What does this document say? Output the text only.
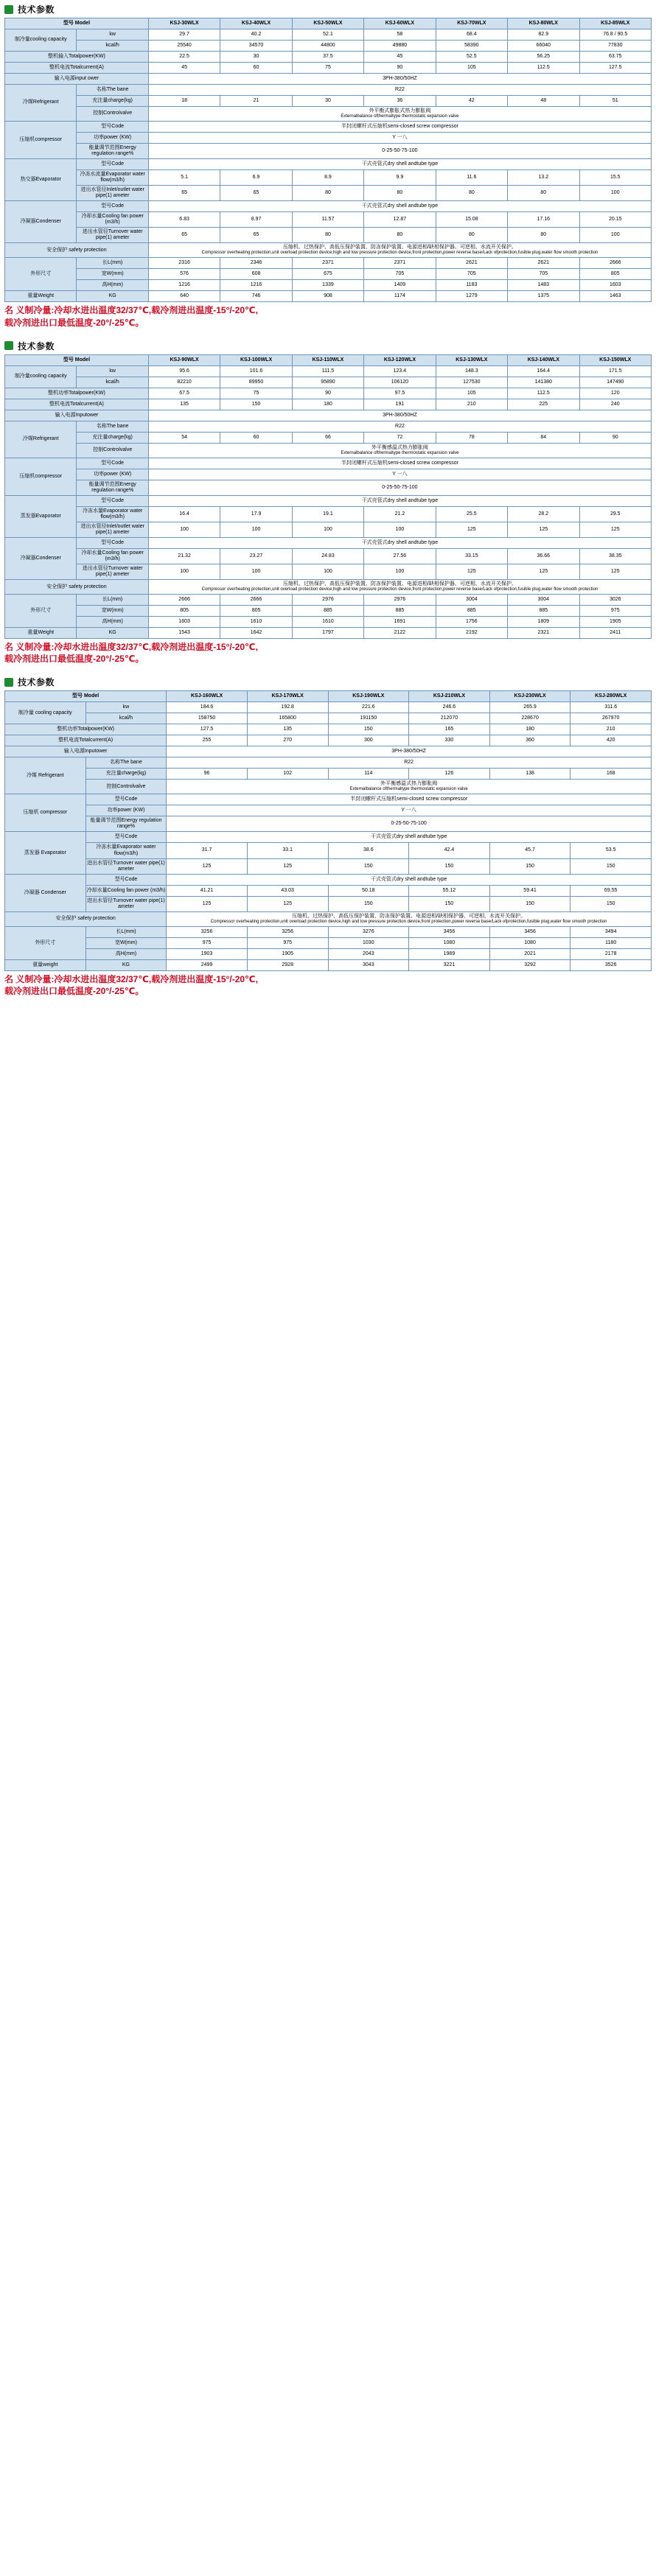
技术参数
型号 Model		KSJ-30WLX	KSJ-40WLX	KSJ-50WLX	KSJ-60WLX	KSJ-70WLX	KSJ-80WLX	KSJ-85WLX
制冷量cooling capacity	kw	29.7	40.2	52.1	58	68.4	82.9	76.8 / 90.5
	kcal/h	25540	34570	44800	49880	58390	66040	77830
整机输入Totalpower(KW)		22.5	30	37.5	45	52.5	56.25	63.75
整机电流Totalcurrent(A)		45	60	75	90	105	112.5	127.5
输入电源input ower		3PH-380/50HZ						
冷媒Refrigerant	名称The bane	R22						
	充注量charge(kg)	18	21	30	36	42	48	51
	控制Controlvalve	外平衡式膨胀式热力膨胀阀
Externalbalance ofthermaltype thermostatic expansion valve						

压缩机compressor	型号Code	半封闭螺杆式压缩机semi-closed screw compressor						
	功率power (KW)	Y 一八						
	能量调节范围Energy regulation range%	0-25-50-75-100						
热交器Evaporator	型号Code	干式壳管式dry shell andtube type						
	冷冻水流量Evaporator water flow(m3/h)	5.1	6.9	8.9	9.9	11.6	13.2	15.5
	进出水管径Inlet/outlet water pipe(1) ameter	65	65	80	80	80	80	100
冷凝器Condenser	型号Code	干式壳管式dry shell andtube type						
	冷却水量Cooling fan power (m3/h)	6.83	8.97	11.57	12.87	15.08	17.16	20.15
	进出水管径Turnover water pipe(1) ameter	65	65	80	80	80	80	100
安全保护 safety protection		压缩机、过热保护、高低压保护装置、防冻保护装置、电源进相/缺相保护器、可逆相、水流开关保护。
Compressor overheating protection,unit overload protection device,high and low pressure protection device,front protection,power reverse base/Lack ofprotection,fusible plug,water flow smooth protection						

外形尺寸	长L(mm)	2316	2346	2371	2371	2621	2621	2666
	宽W(mm)	576	608	675	705	705	705	805
	高H(mm)	1216	1216	1339	1409	1183	1483	1603
重量Weight	KG	640	746	908	1174	1279	1375	1463
名 义制冷量:冷却水进出温度32/37℃,载冷剂进出温度-15°/-20℃,
载冷剂进出口最低温度-20°/-25℃。
技术参数
型号 Model		KSJ-90WLX	KSJ-100WLX	KSJ-110WLX	KSJ-120WLX	KSJ-130WLX	KSJ-140WLX	KSJ-150WLX
制冷量cooling capacity	kw	95.6	101.6	111.5	123.4	148.3	164.4	171.5
	kcal/h	82210	89950	95890	106120	127530	141380	147490
整机功率Totalpower(KW)		67.5	75	90	97.5	105	112.5	120
整机电流Totalcurrent(A)		135	150	180	191	210	225	240
输入电源Inputower		3PH-380/50HZ						
冷媒Refrigerant	名称The bane	R22						
	充注量charge(kg)	54	60	66	72	78	84	90
	控制Controlvalve	外平衡感温式热力膨胀阀
Externalbalance ofthermaltype thermostatic expansion valve						

压缩机compressor	型号Code	半封闭螺杆式压缩机semi-closed screw compressor						
	功率power (KW)	Y 一八						
	能量调节范围Energy regulation range%	0-25-50-75-100						
蒸发器Evaporator	型号Code	干式壳管式dry shell andtube type						
	冷冻水量Evaporator water flow(m3/h)	16.4	17.9	19.1	21.2	25.5	28.2	29.5
	进出水管径Inlet/outlet water pipe(1) ameter	100	100	100	100	125	125	125
冷凝器Condenser	型号Code	干式壳管式dry shell andtube type						
	冷却水量Cooling fan power (m3/h)	21.32	23.27	24.83	27.56	33.15	36.66	38.35
	进出水管径Turnover water pipe(1) ameter	100	100	100	100	125	125	125
安全保护 safety protection		压缩机、过热保护、高低压保护装置、防冻保护装置、电源进相/缺相保护器、可逆相、水流开关保护。
Compressor overheating protection,unit overload protection device,high and low pressure protection device,front protection,power reverse base/Lack ofprotection,fusible plug,water flow smooth protection						

外形尺寸	长L(mm)	2666	2666	2976	2976	3004	3004	3026
	宽W(mm)	805	805	885	885	885	885	975
	高H(mm)	1603	1610	1610	1691	1756	1809	1905
重量Weight	KG	1543	1642	1797	2122	2192	2321	2411
名 义制冷量:冷却水进出温度32/37℃,载冷剂进出温度-15°/-20℃,
载冷剂进出口最低温度-20°/-25℃。
技术参数
型号 Model		KSJ-160WLX	KSJ-170WLX	KSJ-190WLX	KSJ-210WLX	KSJ-230WLX	KSJ-280WLX
制冷量 cooling capacity	kw	184.6	192.8	221.6	246.6	265.9	311.6
	kcal/h	158750	165800	191150	212070	228670	267970
整机功率Totalpower(KW)		127.5	135	150	165	180	210
整机电流Totalcurrent(A)		255	270	300	330	360	420
输入电源Inputower		3PH-380/50HZ					
冷媒 Refrigerant	名称The bane	R22					
	充注量charge(kg)	96	102	114	126	138	168
	控制Controlvalve	外平衡感温式热力膨胀阀
Externalbalance ofthermaltype thermostatic expansion valve					

压缩机 compressor	型号Code	半封闭螺杆式压缩机semi-closed screw compressor					
	功率power (KW)	Y 一八					
	能量调节范围Energy regulation range%	0-25-50-75-100					
蒸发器 Evaporator	型号Code	干式壳管式dry shell andtube type					
	冷冻水量Evaporator water flow(m3/h)	31.7	33.1	38.6	42.4	45.7	53.5
	进出水管径Turnover water pipe(1) ameter	125	125	150	150	150	150
冷凝器 Condenser	型号Code	干式壳管式dry shell andtube type					
	冷却水量Cooling fan power (m3/h)	41.21	43.03	50.18	55.12	59.41	69.55
	进出水管径Turnover water pipe(1) ameter	125	125	150	150	150	150
安全保护 safety protection		压缩机、过热保护、高低压保护装置、防冻保护装置、电源进相/缺相保护器、可逆相、水流开关保护。
Compressor overheating protection,unit overload protection device,high and low pressure protection device,front protection,power reverse base/Lack ofprotection,fusible plug,water flow smooth protection					

外形尺寸	长L(mm)	3256	3256	3276	3456	3456	3494
	宽W(mm)	975	975	1030	1080	1080	1180
	高H(mm)	1903	1905	2043	1989	2021	2178
重量weight	KG	2499	2928	3043	3221	3292	3526
名 义制冷量:冷却水进出温度32/37℃,载冷剂进出温度-15°/-20℃,
载冷剂进出口最低温度-20°/-25℃。
